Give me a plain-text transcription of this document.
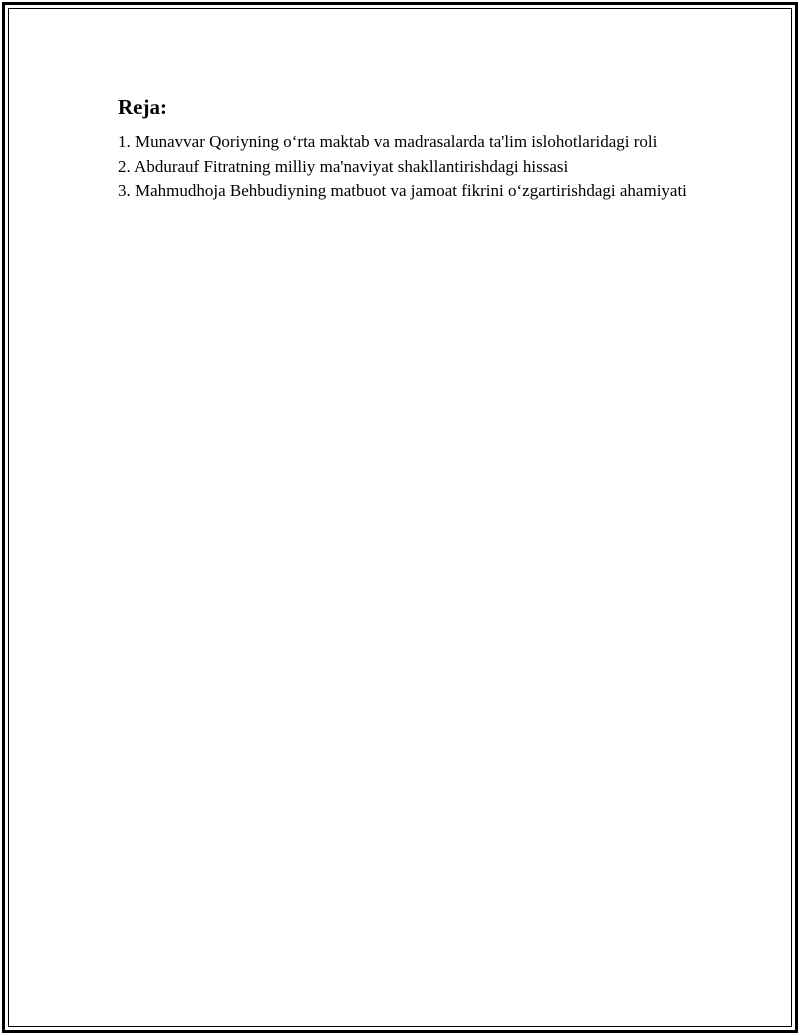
Reja:
1. Munavvar Qoriyning o‘rta maktab va madrasalarda ta'lim islohotlaridagi roli
2. Abdurauf Fitratning milliy ma'naviyat shakllantirishdagi hissasi
3. Mahmudhoja Behbudiyning matbuot va jamoat fikrini o‘zgartirishdagi ahamiyati
